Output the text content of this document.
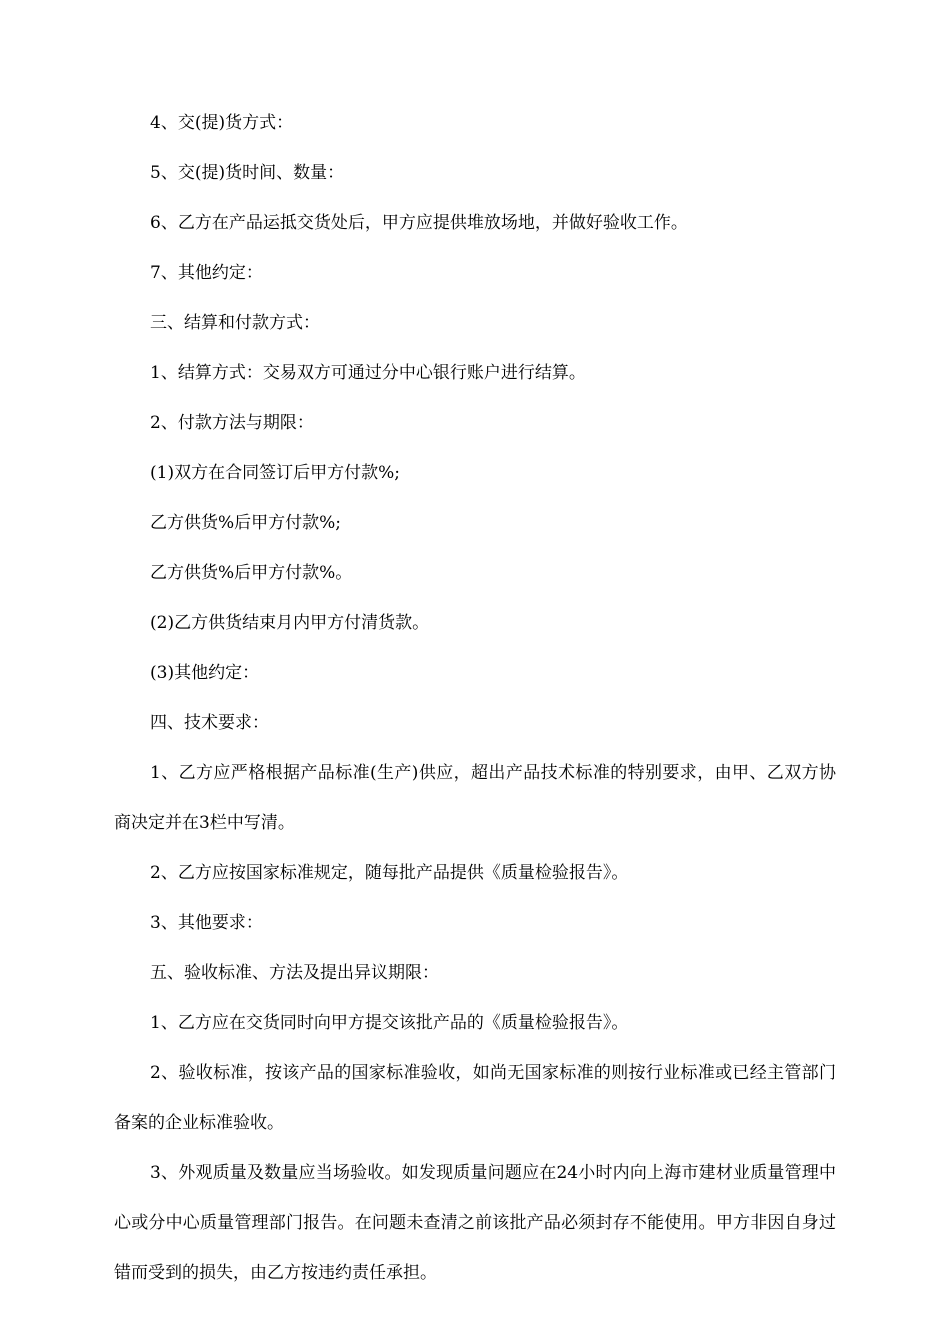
4、交(提)货方式：

5、交(提)货时间、数量：

6、乙方在产品运抵交货处后，甲方应提供堆放场地，并做好验收工作。

7、其他约定：

三、结算和付款方式：

1、结算方式：交易双方可通过分中心银行账户进行结算。

2、付款方法与期限：

(1)双方在合同签订后甲方付款%;

乙方供货%后甲方付款%;

乙方供货%后甲方付款%。

(2)乙方供货结束月内甲方付清货款。

(3)其他约定：

四、技术要求：

1、乙方应严格根据产品标准(生产)供应，超出产品技术标准的特别要求，由甲、乙双方协商决定并在3栏中写清。

2、乙方应按国家标准规定，随每批产品提供《质量检验报告》。

3、其他要求：

五、验收标准、方法及提出异议期限：

1、乙方应在交货同时向甲方提交该批产品的《质量检验报告》。

2、验收标准，按该产品的国家标准验收，如尚无国家标准的则按行业标准或已经主管部门备案的企业标准验收。

3、外观质量及数量应当场验收。如发现质量问题应在24小时内向上海市建材业质量管理中心或分中心质量管理部门报告。在问题未查清之前该批产品必须封存不能使用。甲方非因自身过错而受到的损失，由乙方按违约责任承担。
